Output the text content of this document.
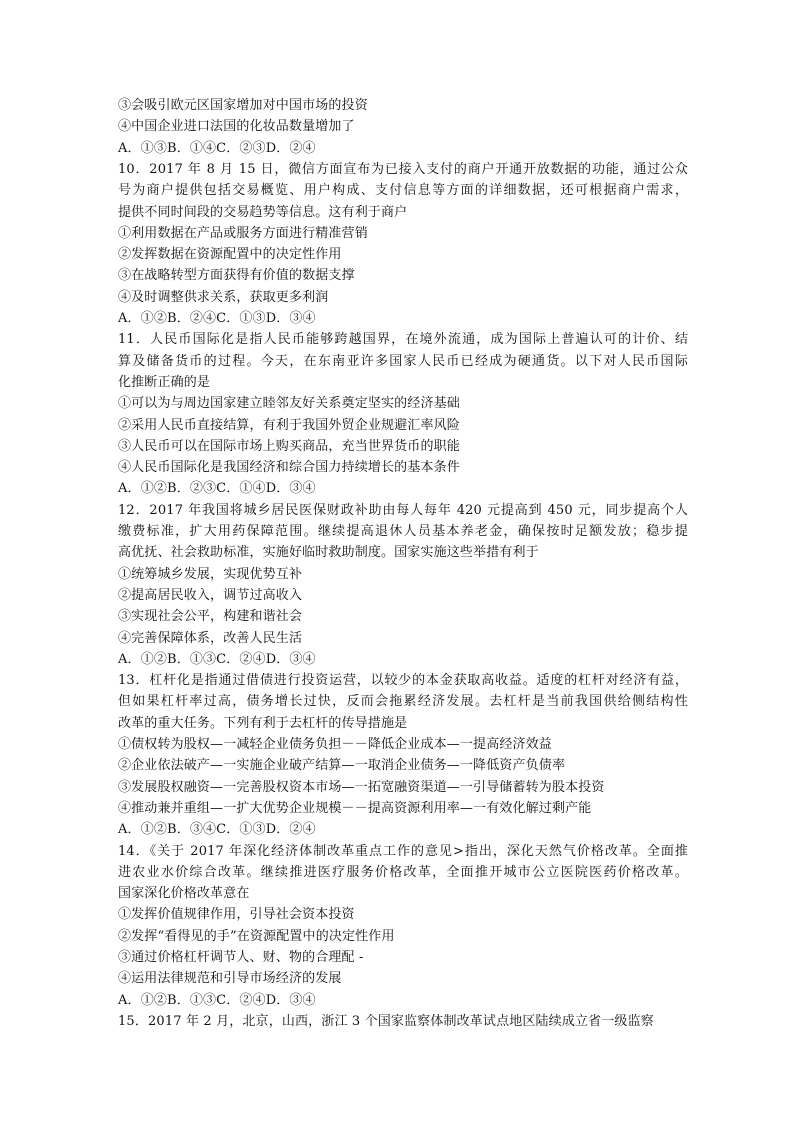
③会吸引欧元区国家增加对中国市场的投资
④中国企业进口法国的化妆品数量增加了
A．①③B．①④C．②③D．②④
10．2017 年 8 月 15 日，微信方面宣布为已接入支付的商户开通开放数据的功能，通过公众
号为商户提供包括交易概览、用户构成、支付信息等方面的详细数据，还可根据商户需求，
提供不同时间段的交易趋势等信息。这有利于商户
①利用数据在产品或服务方面进行精准营销
②发挥数据在资源配置中的决定性作用
③在战略转型方面获得有价值的数据支撑
④及时调整供求关系，获取更多利润
A．①②B．②④C．①③D．③④
11．人民币国际化是指人民币能够跨越国界，在境外流通，成为国际上普遍认可的计价、结
算及储备货币的过程。今天，在东南亚许多国家人民币已经成为硬通货。以下对人民币国际
化推断正确的是
①可以为与周边国家建立睦邻友好关系奠定坚实的经济基础
②采用人民币直接结算，有利于我国外贸企业规避汇率风险
③人民币可以在国际市场上购买商品，充当世界货币的职能
④人民币国际化是我国经济和综合国力持续增长的基本条件
A．①②B．②③C．①④D．③④
12．2017 年我国将城乡居民医保财政补助由每人每年 420 元提高到 450 元，同步提高个人
缴费标准，扩大用药保障范围。继续提高退休人员基本养老金，确保按时足额发放；稳步提
高优抚、社会救助标准，实施好临时救助制度。国家实施这些举措有利于
①统筹城乡发展，实现优势互补
②提高居民收入，调节过高收入
③实现社会公平，构建和谐社会
④完善保障体系，改善人民生活
A．①②B．①③C．②④D．③④
13．杠杆化是指通过借债进行投资运营，以较少的本金获取高收益。适度的杠杆对经济有益，
但如果杠杆率过高，债务增长过快，反而会拖累经济发展。去杠杆是当前我国供给侧结构性
改革的重大任务。下列有利于去杠杆的传导措施是
①债权转为股权—一减轻企业债务负担－－降低企业成本—一提高经济效益
②企业依法破产—一实施企业破产结算—一取消企业债务—一降低资产负债率
③发展股权融资—一完善股权资本市场—一拓宽融资渠道—一引导储蓄转为股本投资
④推动兼并重组—一扩大优势企业规模－－提高资源利用率—一有效化解过剩产能
A．①②B．③④C．①③D．②④
14．《关于 2017 年深化经济体制改革重点工作的意见>指出，深化天然气价格改革。全面推
进农业水价综合改革。继续推进医疗服务价格改革，全面推开城市公立医院医药价格改革。
国家深化价格改革意在
①发挥价值规律作用，引导社会资本投资
②发挥“看得见的手”在资源配置中的决定性作用
③通过价格杠杆调节人、财、物的合理配 -
④运用法律规范和引导市场经济的发展
A．①②B．①③C．②④D．③④
15．2017 年 2 月，北京，山西，浙江 3 个国家监察体制改革试点地区陆续成立省一级监察
